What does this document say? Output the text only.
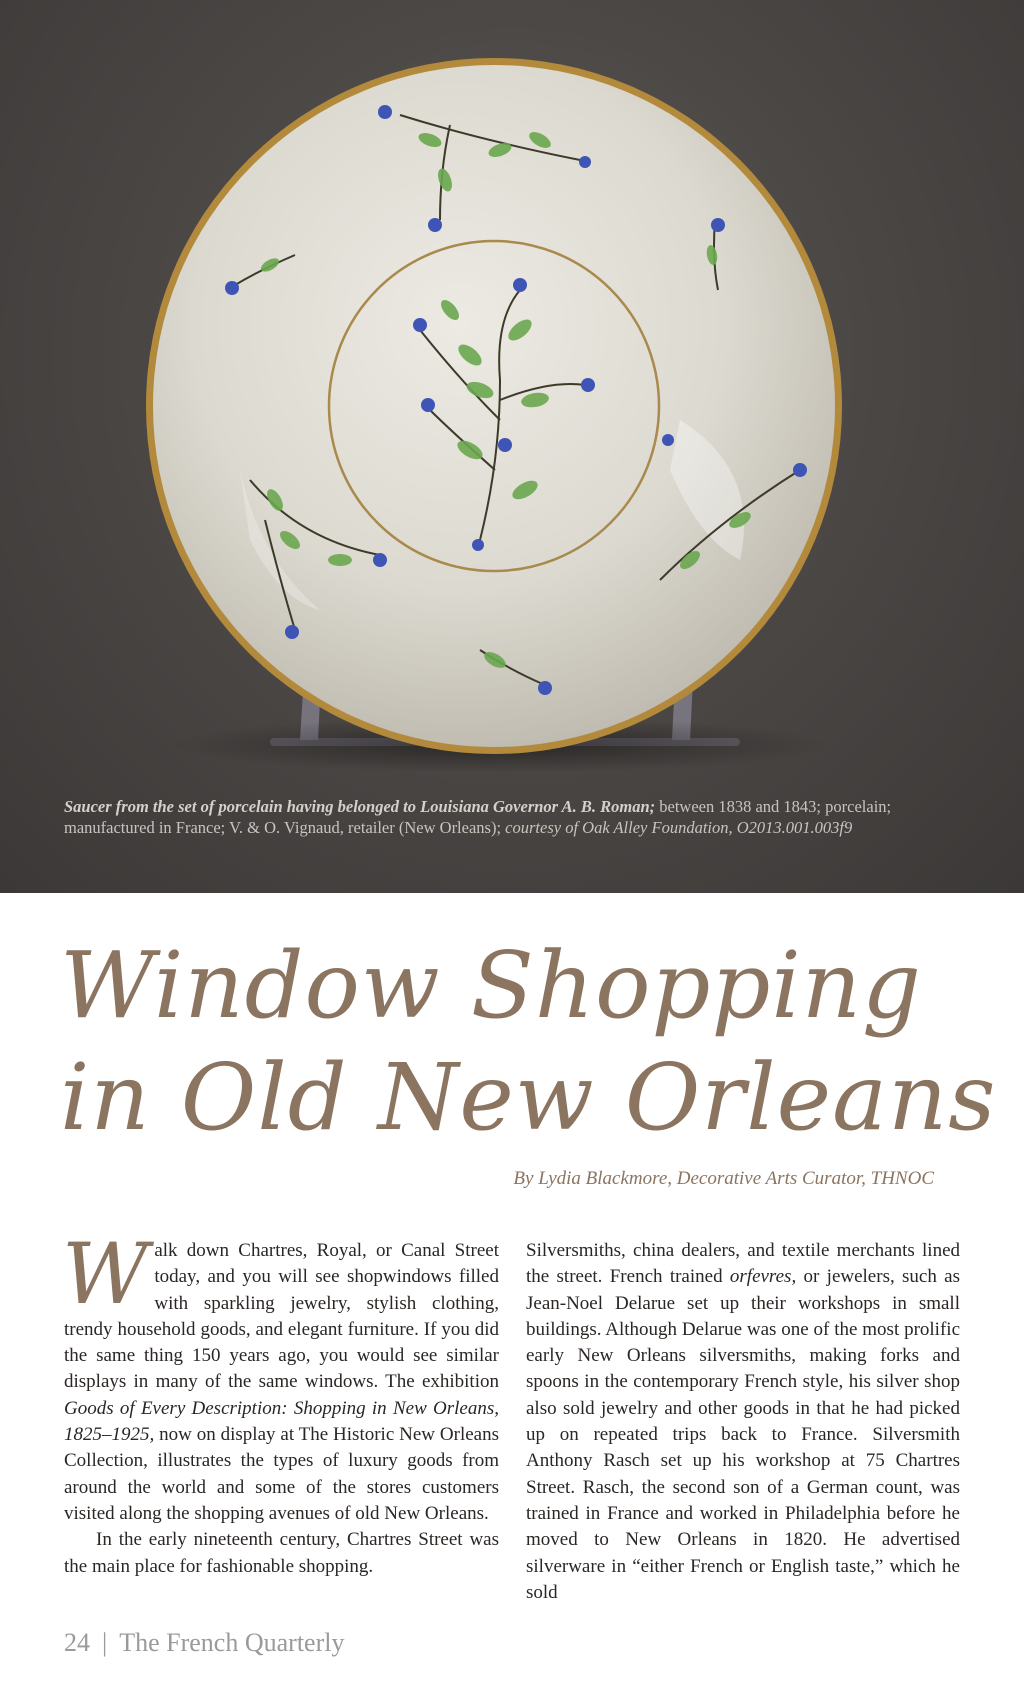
Saucer from the set of porcelain having belonged to Louisiana Governor A. B. Roman; between 1838 and 1843; porcelain; manufactured in France; V. & O. Vignaud, retailer (New Orleans); courtesy of Oak Alley Foundation, O2013.001.003f9
Window Shopping
in Old New Orleans
By Lydia Blackmore, Decorative Arts Curator, THNOC

Walk down Chartres, Royal, or Canal Street today, and you will see shopwindows filled with sparkling jewelry, stylish clothing, trendy household goods, and elegant furniture. If you did the same thing 150 years ago, you would see similar displays in many of the same windows. The exhibition Goods of Every Description: Shopping in New Orleans, 1825–1925, now on display at The Historic New Orleans Collection, illustrates the types of luxury goods from around the world and some of the stores customers visited along the shopping avenues of old New Orleans.

In the early nineteenth century, Chartres Street was the main place for fashionable shopping.

Silversmiths, china dealers, and textile merchants lined the street. French trained orfevres, or jewelers, such as Jean-Noel Delarue set up their workshops in small buildings. Although Delarue was one of the most prolific early New Orleans silversmiths, making forks and spoons in the contemporary French style, his silver shop also sold jewelry and other goods in that he had picked up on repeated trips back to France. Silversmith Anthony Rasch set up his workshop at 75 Chartres Street. Rasch, the second son of a German count, was trained in France and worked in Philadelphia before he moved to New Orleans in 1820. He advertised silverware in “either French or English taste,” which he sold

24 | The French Quarterly
